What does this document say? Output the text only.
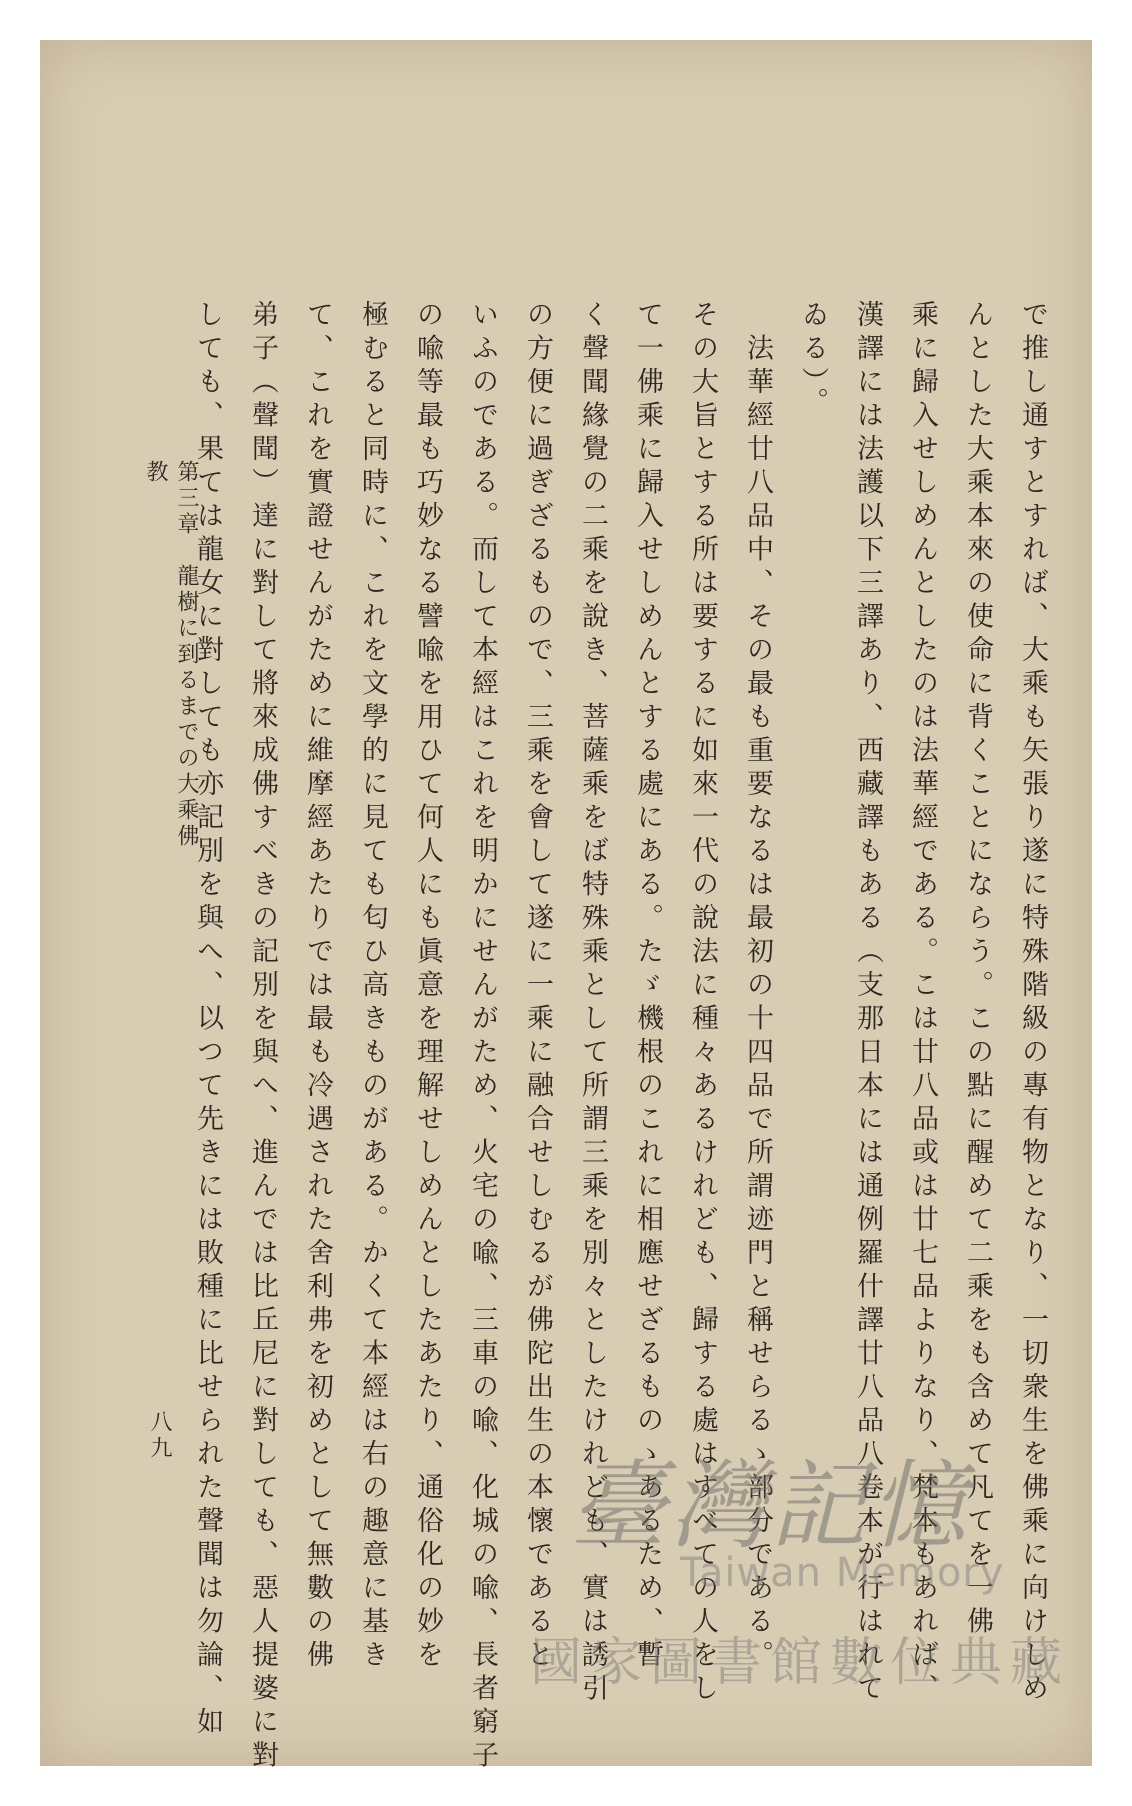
で推し通すとすれば、大乘も矢張り遂に特殊階級の專有物となり、一切衆生を佛乘に向けしめ

んとした大乘本來の使命に背くことにならう。この點に醒めて二乘をも含めて凡てを一佛

乘に歸入せしめんとしたのは法華經である。こは廿八品或は廿七品よりなり、梵本もあれば、

漢譯には法護以下三譯あり、西藏譯もある（支那日本には通例羅什譯廿八品八卷本が行はれて

ゐる）。

　法華經廿八品中、その最も重要なるは最初の十四品で所謂迹門と稱せらるゝ部分である。

その大旨とする所は要するに如來一代の說法に種々あるけれども、歸する處はすべての人をし

て一佛乘に歸入せしめんとする處にある。たゞ機根のこれに相應せざるものゝあるため、暫

く聲聞緣覺の二乘を說き、菩薩乘をば特殊乘として所謂三乘を別々としたけれども、實は誘引

の方便に過ぎざるもので、三乘を會して遂に一乘に融合せしむるが佛陀出生の本懷であると

いふのである。而して本經はこれを明かにせんがため、火宅の喩、三車の喩、化城の喩、長者窮子

の喩等最も巧妙なる譬喩を用ひて何人にも眞意を理解せしめんとしたあたり、通俗化の妙を

極むると同時に、これを文學的に見ても匂ひ高きものがある。かくて本經は右の趣意に基き

て、これを實證せんがために維摩經あたりでは最も冷遇された舍利弗を初めとして無數の佛

弟子（聲聞）達に對して將來成佛すべきの記別を與へ、進んでは比丘尼に對しても、惡人提婆に對

しても、果ては龍女に對しても亦記別を與へ、以つて先きには敗種に比せられた聲聞は勿論、如

第三章　龍樹に到るまでの大乘佛教
八九
臺灣記憶
Taiwan Memory
國家圖書館數位典藏
